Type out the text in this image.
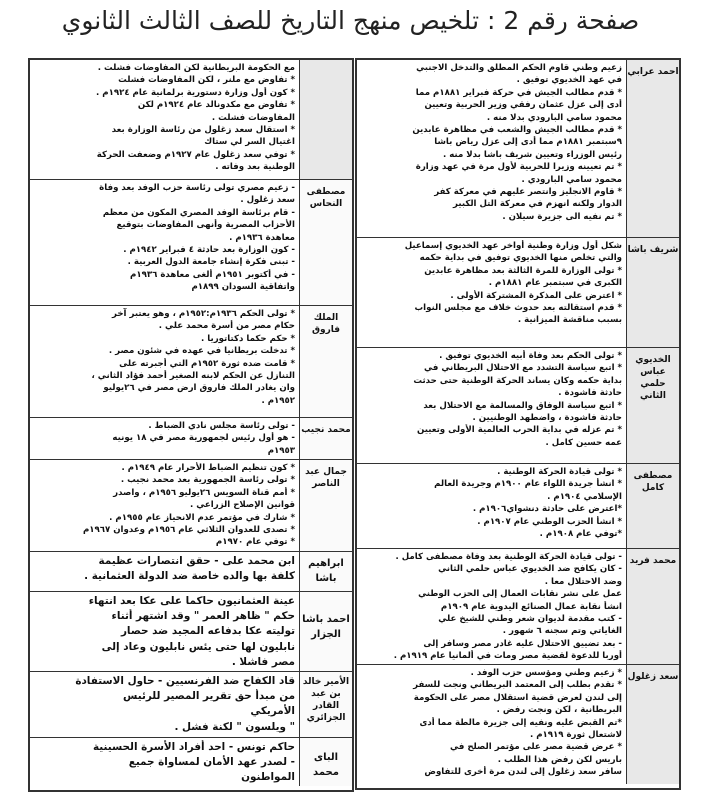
صفحة رقم 2 : تلخيص منهج التاريخ للصف الثالث الثانوي
احمد عرابي
زعيم وطني قاوم الحكم المطلق والتدخل الاجنبي
في عهد الخديوي توفيق .
* قدم مطالب الجيش في حركة فبراير ١٨٨١م مما
أدى إلى عزل عثمان رفقي وزير الحربية وتعيين
محمود سامي البارودي بدلا منه .
* قدم مطالب الجيش والشعب في مظاهرة عابدين
٩سبتمبر ١٨٨١م مما أدى إلى عزل رياض باشا
رئيس الوزراء وتعيين شريف باشا بدلا منه .
* تم تعيينه وزيرا للحربية لأول مرة في عهد وزارة
محمود سامي البارودي .
* قاوم الانجليز وانتصر عليهم في معركة كفر
الدوار ولكنه انهزم في معركة التل الكبير
* تم نفيه الى جزيرة سيلان .
شريف باشا
شكل أول وزارة وطنية أواخر عهد الخديوي إسماعيل
والتي تخلص منها الخديوي توفيق في بداية حكمه
* تولى الوزارة للمرة الثالثة بعد مظاهرة عابدين
الكبرى في سبتمبر عام ١٨٨١م .
* اعترض على المذكرة المشتركة الأولى .
* قدم استقالته بعد حدوث خلاف مع مجلس النواب
بسبب مناقشة الميزانية .
الخديوي عباس حلمي الثاني
* تولى الحكم بعد وفاة أبيه الخديوي توفيق .
* اتبع سياسة التشدد مع الاحتلال البريطاني في
بداية حكمه وكان يساند الحركة الوطنية حتى حدثت
حادثة فاشودة .
* اتبع سياسة الوفاق والمسالمة مع الاحتلال بعد
حادثة فاشودة ، واضطهد الوطنيين .
* تم عزله في بداية الحرب العالمية الأولى وتعيين
عمه حسين كامل .
مصطفى كامل
* تولى قيادة الحركة الوطنية .
* انشأ جريدة اللواء عام ١٩٠٠م وجريدة العالم
الإسلامي ١٩٠٤م .
*اعترض على حادثة دنشواي١٩٠٦م .
* انشأ الحزب الوطني عام ١٩٠٧م .
*توفي عام ١٩٠٨م .
محمد فريد
- تولى قيادة الحركة الوطنية بعد وفاة مصطفى كامل .
- كان يكافح ضد الخديوي عباس حلمي الثاني
وضد الاحتلال معا .
عمل على نشر نقابات العمال إلى الحزب الوطني
انشأ نقابة عمال الصنائع اليدوية عام ١٩٠٩م
- كتب مقدمة لديوان شعر وطني للشيخ علي
الغاياتي وتم سجنه ٦ شهور .
- بعد تضييق الاحتلال عليه غادر مصر وسافر إلى
أوربا للدعوة لقضية مصر ومات في ألمانيا عام ١٩١٩م .
سعد زغلول
* زعيم وطني ومؤسس حزب الوفد .
* تقدم بطلب إلى المعتمد البريطاني ونجت للسفر
إلى لندن لعرض قضية استقلال مصر على الحكومة
البريطانية ، لكن ونجت رفض .
*تم القبض عليه ونفيه إلى جزيرة مالطة مما أدى
لاشتعال ثورة ١٩١٩م .
* عرض قضية مصر على مؤتمر الصلح في
باريس لكن رفض هذا الطلب .
سافر سعد زغلول إلى لندن مرة أخرى للتفاوض
مع الحكومة البريطانية لكن المفاوضات فشلت .
* تفاوض مع ملنر ، لكن المفاوضات فشلت
* كون أول وزارة دستورية برلمانية عام ١٩٢٤م .
* تفاوض مع مكدونالد عام ١٩٢٤م لكن
المفاوضات فشلت .
* استقال سعد زغلول من رئاسة الوزارة بعد
اغتيال السر لي ستاك
* توفي سعد زغلول عام ١٩٢٧م وضعفت الحركة
الوطنية بعد وفاته .
مصطفى النحاس
- زعيم مصري تولى رئاسة حزب الوفد بعد وفاة
سعد زغلول .
- قام برئاسة الوفد المصري المكون من معظم
الأحزاب المصرية وأنهى المفاوضات بتوقيع
معاهدة ١٩٣٦م .
- كون الوزارة بعد حادثة ٤ فبراير ١٩٤٢م .
- تبنى فكرة إنشاء جامعة الدول العربية .
- في أكتوبر ١٩٥١م ألغى معاهدة ١٩٣٦م
واتفاقية السودان ١٨٩٩م
الملك فاروق
* تولى الحكم ١٩٣٦م:١٩٥٢م ، وهو يعتبر آخر
حكام مصر من أسرة محمد علي .
* حكم حكما دكتاتوريا .
* تدخلت بريطانيا في عهده في شئون مصر .
* قامت ضده ثورة ١٩٥٢م التي أجبرته على
التنازل عن الحكم لابنه الصغير أحمد فؤاد الثاني ،
وان يغادر الملك فاروق ارض مصر في ٢٦يوليو
١٩٥٢م .
محمد نجيب
- تولى رئاسة مجلس نادي الضباط .
- هو أول رئيس لجمهورية مصر في ١٨ يونيه
١٩٥٣م
جمال عبد الناصر
* كون تنظيم الضباط الأحرار عام ١٩٤٩م .
* تولى رئاسة الجمهورية بعد محمد نجيب .
* أمم قناة السويس ٢٦يوليو ١٩٥٦م ، واصدر
قوانين الإصلاح الزراعي .
* شارك في مؤتمر عدم الانحياز عام ١٩٥٥م .
* تصدى للعدوان الثلاثي عام ١٩٥٦م وعدوان ١٩٦٧م
* توفي عام ١٩٧٠م
ابراهيم باشا
ابن محمد على - حقق انتصارات عظيمة
كلفة بها والده خاصة ضد الدولة العثمانية .
احمد باشا الجزار
عينة العثمانيون حاكما على عكا بعد انتهاء
حكم " ظاهر العمر " وقد اشتهر أثناء
توليته عكا بدفاعه المجيد ضد حصار
نابليون لها حتى يئس نابليون وعاد إلى
مصر فاشلا .
الأمير خالد بن عبد القادر الجزائري
قاد الكفاح ضد الفرنسيين - حاول الاستفادة
من مبدأ حق تقرير المصير للرئيس
الأمريكي
" ويلسون " لكنة فشل .
الباى محمد
حاكم تونس - احد أفراد الأسرة الحسينية
- لصدر عهد الأمان لمساواة جميع
المواطنون
